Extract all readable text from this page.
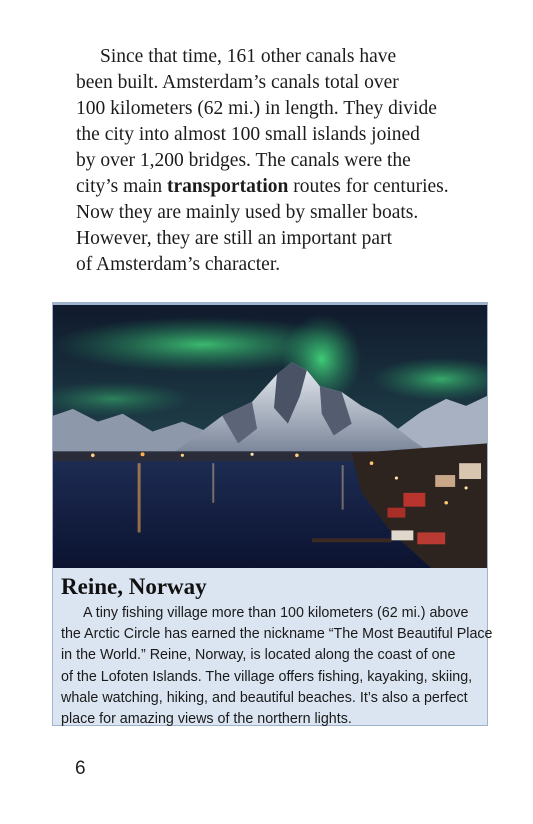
Since that time, 161 other canals have
been built. Amsterdam’s canals total over
100 kilometers (62 mi.) in length. They divide
the city into almost 100 small islands joined
by over 1,200 bridges. The canals were the
city’s main transportation routes for centuries.
Now they are mainly used by smaller boats.
However, they are still an important part
of Amsterdam’s character.
Reine, Norway
A tiny fishing village more than 100 kilometers (62 mi.) above
the Arctic Circle has earned the nickname “The Most Beautiful Place
in the World.” Reine, Norway, is located along the coast of one
of the Lofoten Islands. The village offers fishing, kayaking, skiing,
whale watching, hiking, and beautiful beaches. It’s also a perfect
place for amazing views of the northern lights.
6
